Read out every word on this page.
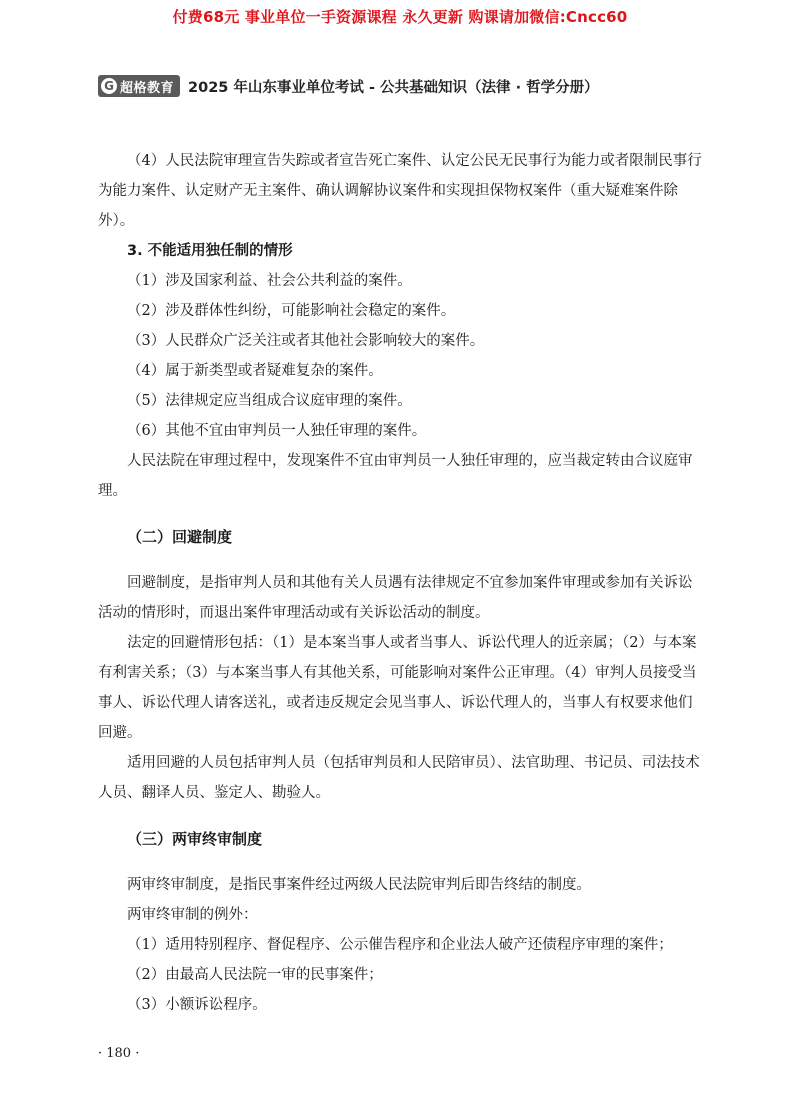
付费68元 事业单位一手资源课程 永久更新 购课请加微信:Cncc60
G 超格教育 2025 年山东事业单位考试 - 公共基础知识（法律 · 哲学分册）

（4）人民法院审理宣告失踪或者宣告死亡案件、认定公民无民事行为能力或者限制民事行为能力案件、认定财产无主案件、确认调解协议案件和实现担保物权案件（重大疑难案件除外）。

3. 不能适用独任制的情形

（1）涉及国家利益、社会公共利益的案件。

（2）涉及群体性纠纷，可能影响社会稳定的案件。

（3）人民群众广泛关注或者其他社会影响较大的案件。

（4）属于新类型或者疑难复杂的案件。

（5）法律规定应当组成合议庭审理的案件。

（6）其他不宜由审判员一人独任审理的案件。

人民法院在审理过程中，发现案件不宜由审判员一人独任审理的，应当裁定转由合议庭审理。

（二）回避制度

回避制度，是指审判人员和其他有关人员遇有法律规定不宜参加案件审理或参加有关诉讼活动的情形时，而退出案件审理活动或有关诉讼活动的制度。

法定的回避情形包括：（1）是本案当事人或者当事人、诉讼代理人的近亲属；（2）与本案有利害关系；（3）与本案当事人有其他关系，可能影响对案件公正审理。（4）审判人员接受当事人、诉讼代理人请客送礼，或者违反规定会见当事人、诉讼代理人的，当事人有权要求他们回避。

适用回避的人员包括审判人员（包括审判员和人民陪审员）、法官助理、书记员、司法技术人员、翻译人员、鉴定人、勘验人。

（三）两审终审制度

两审终审制度，是指民事案件经过两级人民法院审判后即告终结的制度。

两审终审制的例外：

（1）适用特别程序、督促程序、公示催告程序和企业法人破产还债程序审理的案件；

（2）由最高人民法院一审的民事案件；

（3）小额诉讼程序。

· 180 ·
